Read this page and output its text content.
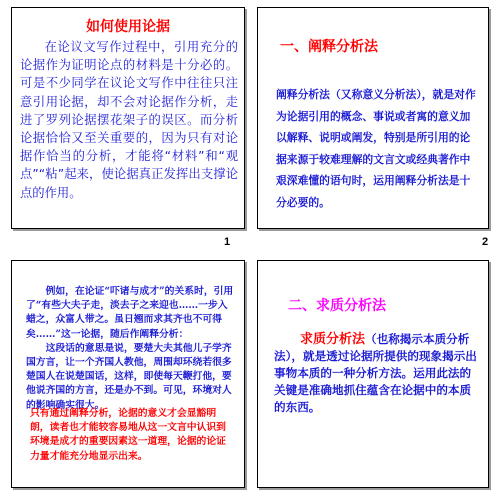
如何使用论据
在论议文写作过程中，引用充分的论据作为证明论点的材料是十分必的。可是不少同学在议论文写作中往往只注意引用论据，却不会对论据作分析，走进了罗列论据摆花架子的误区。而分析论据恰恰又至关重要的，因为只有对论据作恰当的分析，才能将“材料”和“观点”“粘”起来，使论据真正发挥出支撑论点的作用。
1
一、阐释分析法
阐释分析法（又称意义分析法），就是对作为论据引用的概念、事说或者寓的意义加以解释、说明或阐发，特别是所引用的论据来源于较难理解的文言文或经典著作中艰深难懂的语句时，运用阐释分析法是十分必要的。
2

例如，在论证“吓诸与成才”的关系时，引用了“有些大夫子走，淡去子之来迎也……一步入蜡之，众富人带之。虽日翘而求其齐也不可得矣……”这一论据，随后作阐释分析：

这段话的意思是说，要楚大夫其他儿子学齐国方言，让一个齐国人教他，周围却环绕若很多楚国人在说楚国话，这样，即使每天鞭打他，要他说齐国的方言，还是办不到。可见，环境对人的影响确实很大。

只有通过阐释分析，论据的意义才会显豁明朗，读者也才能较容易地从这一文言中认识到环境是成才的重要因素这一道理，论据的论证力量才能充分地显示出来。
二、求质分析法
求质分析法（也称揭示本质分析法），就是透过论据所提供的现象揭示出事物本质的一种分析方法。运用此法的关键是准确地抓住蕴含在论据中的本质的东西。
